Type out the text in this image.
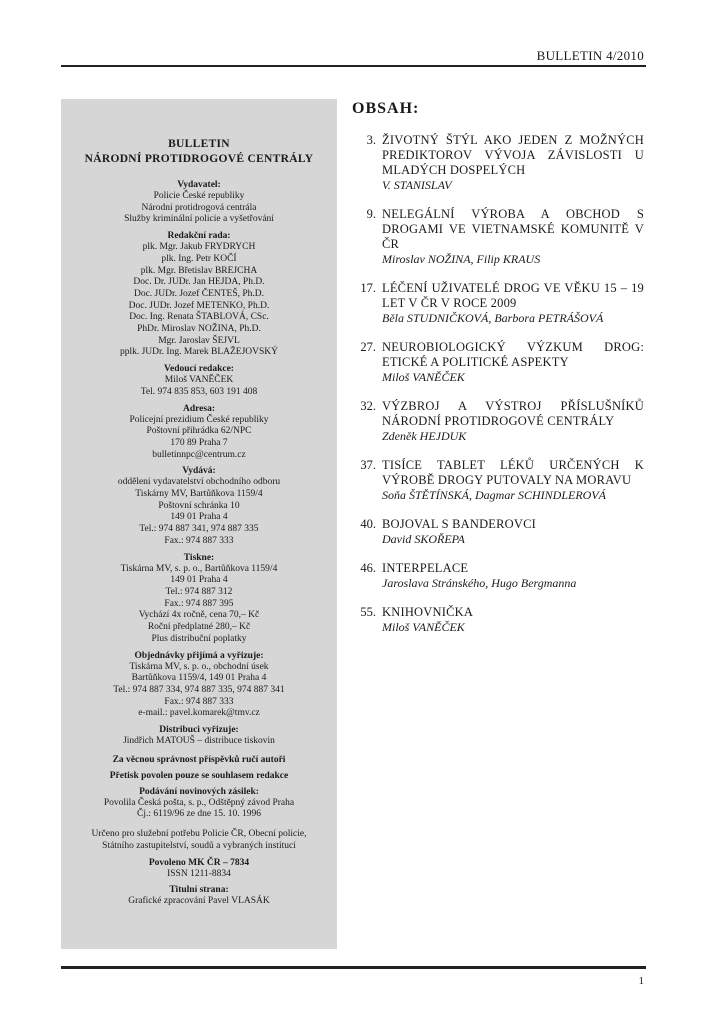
BULLETIN 4/2010
BULLETIN
NÁRODNÍ PROTIDROGOVÉ CENTRÁLY
Vydavatel:
Policie České republiky
Národní protidrogová centrála
Služby kriminální policie a vyšetřování
Redakční rada:
plk. Mgr. Jakub FRYDRYCH
plk. Ing. Petr KOČÍ
plk. Mgr. Břetislav BREJCHA
Doc. Dr. JUDr. Jan HEJDA, Ph.D.
Doc. JUDr. Jozef ČENTEŠ, Ph.D.
Doc. JUDr. Jozef METENKO, Ph.D.
Doc. Ing. Renata ŠTABLOVÁ, CSc.
PhDr. Miroslav NOŽINA, Ph.D.
Mgr. Jaroslav ŠEJVL
pplk. JUDr. Ing. Marek BLAŽEJOVSKÝ
Vedoucí redakce:
Miloš VANĚČEK
Tel. 974 835 853, 603 191 408
Adresa:
Policejní prezidium České republiky
Poštovní přihrádka 62/NPC
170 89 Praha 7
bulletinnpc@centrum.cz
Vydává:
oddělení vydavatelství obchodního odboru
Tiskárny MV, Bartůňkova 1159/4
Poštovní schránka 10
149 01 Praha 4
Tel.: 974 887 341, 974 887 335
Fax.: 974 887 333
Tiskne:
Tiskárna MV, s. p. o., Bartůňkova 1159/4
149 01 Praha 4
Tel.: 974 887 312
Fax.: 974 887 395
Vychází 4x ročně, cena 70,– Kč
Roční předplatné 280,– Kč
Plus distribuční poplatky
Objednávky přijímá a vyřizuje:
Tiskárna MV, s. p. o., obchodní úsek
Bartůňkova 1159/4, 149 01 Praha 4
Tel.: 974 887 334, 974 887 335, 974 887 341
Fax.: 974 887 333
e-mail.: pavel.komarek@tmv.cz
Distribuci vyřizuje:
Jindřich MATOUŠ – distribuce tiskovin
Za věcnou správnost příspěvků ručí autoři
Přetisk povolen pouze se souhlasem redakce
Podávání novinových zásilek:
Povolila Česká pošta, s. p., Odštěpný závod Praha
Čj.: 6119/96 ze dne 15. 10. 1996
Určeno pro služební potřebu Policie ČR, Obecní policie,
Státního zastupitelství, soudů a vybraných institucí
Povoleno MK ČR – 7834
ISSN 1211-8834
Titulní strana:
Grafické zpracování Pavel VLASÁK
OBSAH:
3. ŽIVOTNÝ ŠTÝL AKO JEDEN Z MOŽNÝCH PREDIKTOROV VÝVOJA ZÁVISLOSTI U MLADÝCH DOSPELÝCH
V. STANISLAV
9. NELEGÁLNÍ VÝROBA A OBCHOD S DROGAMI VE VIETNAMSKÉ KOMUNITĚ V ČR
Miroslav NOŽINA, Filip KRAUS
17. LÉČENÍ UŽIVATELÉ DROG VE VĚKU 15 – 19 LET V ČR V ROCE 2009
Běla STUDNIČKOVÁ, Barbora PETRÁŠOVÁ
27. NEUROBIOLOGICKÝ VÝZKUM DROG: ETICKÉ A POLITICKÉ ASPEKTY
Miloš VANĚČEK
32. VÝZBROJ A VÝSTROJ PŘÍSLUŠNÍKŮ NÁRODNÍ PROTIDROGOVÉ CENTRÁLY
Zdeněk HEJDUK
37. TISÍCE TABLET LÉKŮ URČENÝCH K VÝROBĚ DROGY PUTOVALY NA MORAVU
Soňa ŠTĚTÍNSKÁ, Dagmar SCHINDLEROVÁ
40. BOJOVAL S BANDEROVCI
David SKOŘEPA
46. INTERPELACE
Jaroslava Stránského, Hugo Bergmanna
55. KNIHOVNIČKA
Miloš VANĚČEK
1
